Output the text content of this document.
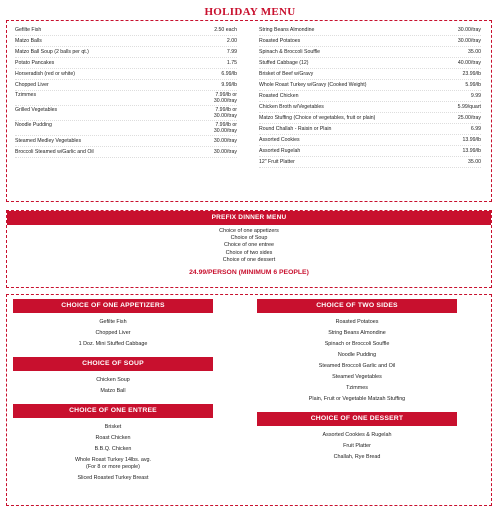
HOLIDAY MENU
Gefilte Fish	2.50 each
Matzo Balls	2.00
Matzo Ball Soup (2 balls per qt.)	7.99
Potato Pancakes	1.75
Horseradish (red or white)	6.99/lb
Chopped Liver	9.99/lb
Tzimmes	7.99/lb or
30.00/tray
Grilled Vegetables	7.99/lb or
30.00/tray
Noodle Pudding	7.99/lb or
30.00/tray
Steamed Medley Vegetables	30.00/tray
Broccoli Steamed w/Garlic and Oil	30.00/tray
String Beans Almondine	30.00/tray
Roasted Potatoes	30.00/tray
Spinach & Broccoli Souffle	35.00
Stuffed Cabbage (12)	40.00/tray
Brisket of Beef w/Gravy	23.99/lb
Whole Roast Turkey w/Gravy (Cooked Weight)	5.99/lb
Roasted Chicken	9.99
Chicken Broth w/Vegetables	5.99/quart
Matzo Stuffing (Choice of vegetables, fruit or plain)	25.00/tray
Round Challah - Raisin or Plain	6.99
Assorted Cookies	13.99/lb
Assorted Rugelah	13.99/lb
12" Fruit Platter	35.00
PREFIX DINNER MENU
Choice of one appetizers
Choice of Soup
Choice of one entree
Choice of two sides
Choice of one dessert
24.99/PERSON (MINIMUM 6 PEOPLE)
CHOICE OF ONE APPETIZERS
Gefilte Fish
Chopped Liver
1 Doz. Mini Stuffed Cabbage
CHOICE OF SOUP
Chicken Soup
Matzo Ball
CHOICE OF ONE ENTREE
Brisket
Roast Chicken
B.B.Q. Chicken
Whole Roast Turkey 14lbs. avg.
(For 8 or more people)
Sliced Roasted Turkey Breast
CHOICE OF TWO SIDES
Roasted Potatoes
String Beans Almondine
Spinach or Broccoli Souffle
Noodle Pudding
Steamed Broccoli Garlic and Oil
Steamed Vegetables
Tzimmes
Plain, Fruit or Vegetable Matzah Stuffing
CHOICE OF ONE DESSERT
Assorted Cookies & Rugelah
Fruit Platter
Challah, Rye Bread
